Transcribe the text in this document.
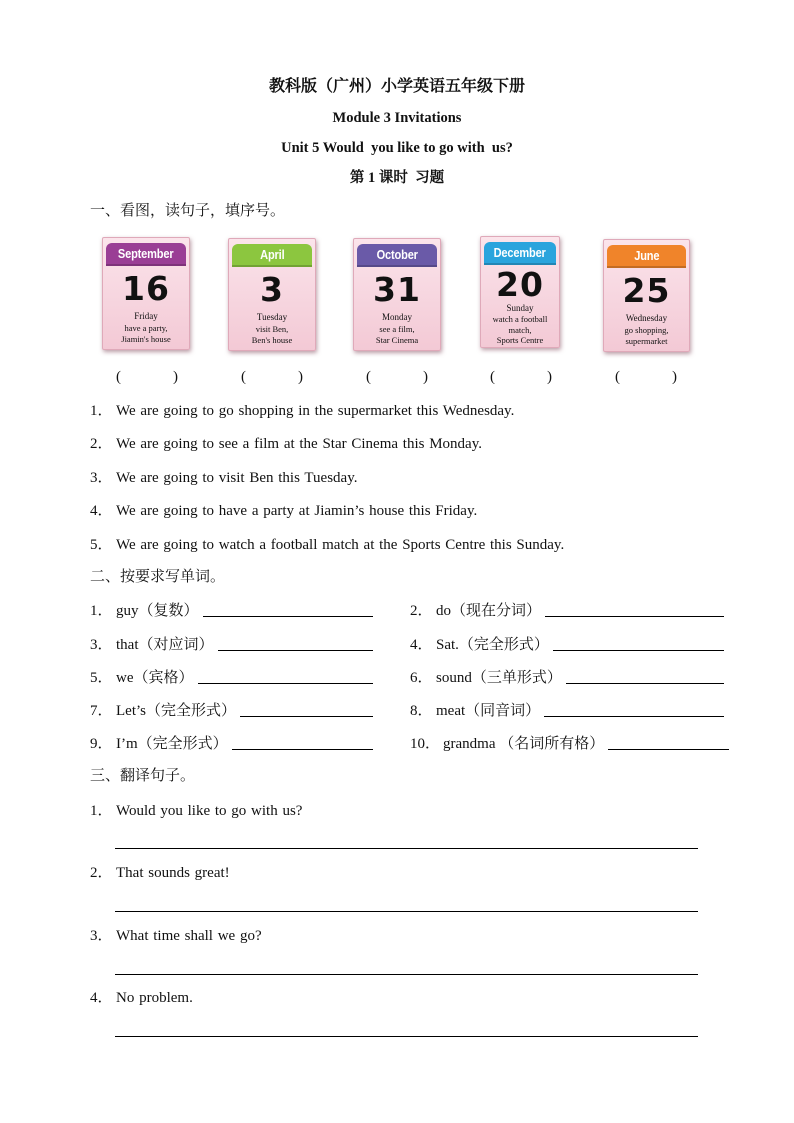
教科版（广州）小学英语五年级下册
Module 3 Invitations
Unit 5 Would  you like to go with  us?
第 1 课时  习题
一、看图，读句子，填序号。
September
16
Friday
have a party,
Jiamin's house
April
3
Tuesday
visit Ben,
Ben's house
October
31
Monday
see a film,
Star Cinema
December
20
Sunday
watch a football
match,
Sports Centre
June
25
Wednesday
go shopping,
supermarket
(	)	(	)	(	)	(	)	(	)
1． We are going to go shopping in the supermarket this Wednesday.
2． We are going to see a film at the Star Cinema this Monday.
3． We are going to visit Ben this Tuesday.
4． We are going to have a party at Jiamin’s house this Friday.
5． We are going to watch a football match at the Sports Centre this Sunday.
二、按要求写单词。
1． guy（复数）	2． do（现在分词）
3． that（对应词）	4． Sat.（完全形式）
5． we（宾格）	6． sound（三单形式）
7． Let’s（完全形式）	8． meat（同音词）
9． I’m（完全形式）	10． grandma （名词所有格）
三、翻译句子。
1． Would you like to go with us?
2． That sounds great!
3． What time shall we go?
4． No problem.
